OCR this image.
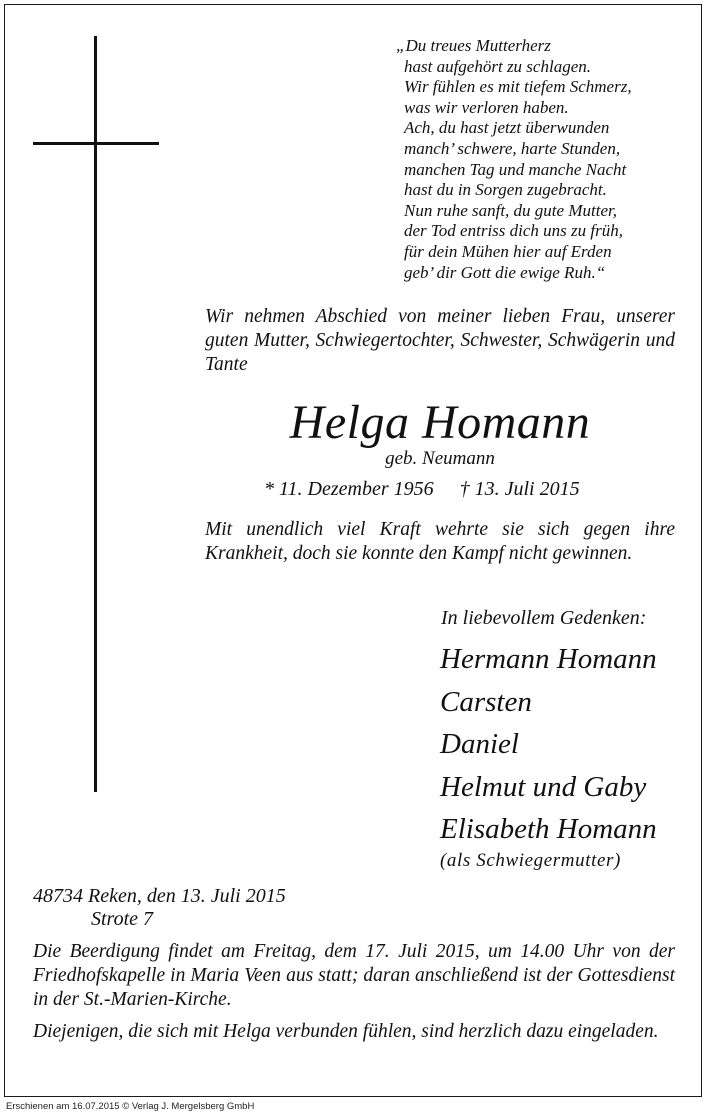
„Du treues Mutterherz
hast aufgehört zu schlagen.
Wir fühlen es mit tiefem Schmerz,
was wir verloren haben.
Ach, du hast jetzt überwunden
manch’ schwere, harte Stunden,
manchen Tag und manche Nacht
hast du in Sorgen zugebracht.
Nun ruhe sanft, du gute Mutter,
der Tod entriss dich uns zu früh,
für dein Mühen hier auf Erden
geb’ dir Gott die ewige Ruh.“
Wir nehmen Abschied von meiner lieben Frau, unserer guten Mutter, Schwiegertochter, Schwester, Schwägerin und Tante
Helga Homann
geb. Neumann
* 11. Dezember 1956 † 13. Juli 2015
Mit unendlich viel Kraft wehrte sie sich gegen ihre Krankheit, doch sie konnte den Kampf nicht gewinnen.
In liebevollem Gedenken:
Hermann Homann
Carsten
Daniel
Helmut und Gaby
Elisabeth Homann
(als Schwiegermutter)
48734 Reken, den 13. Juli 2015
Strote 7
Die Beerdigung findet am Freitag, dem 17. Juli 2015, um 14.00 Uhr von der Friedhofskapelle in Maria Veen aus statt; daran anschließend ist der Gottesdienst in der St.-Marien-Kirche.
Diejenigen, die sich mit Helga verbunden fühlen, sind herzlich dazu eingeladen.
Erschienen am 16.07.2015 © Verlag J. Mergelsberg GmbH
